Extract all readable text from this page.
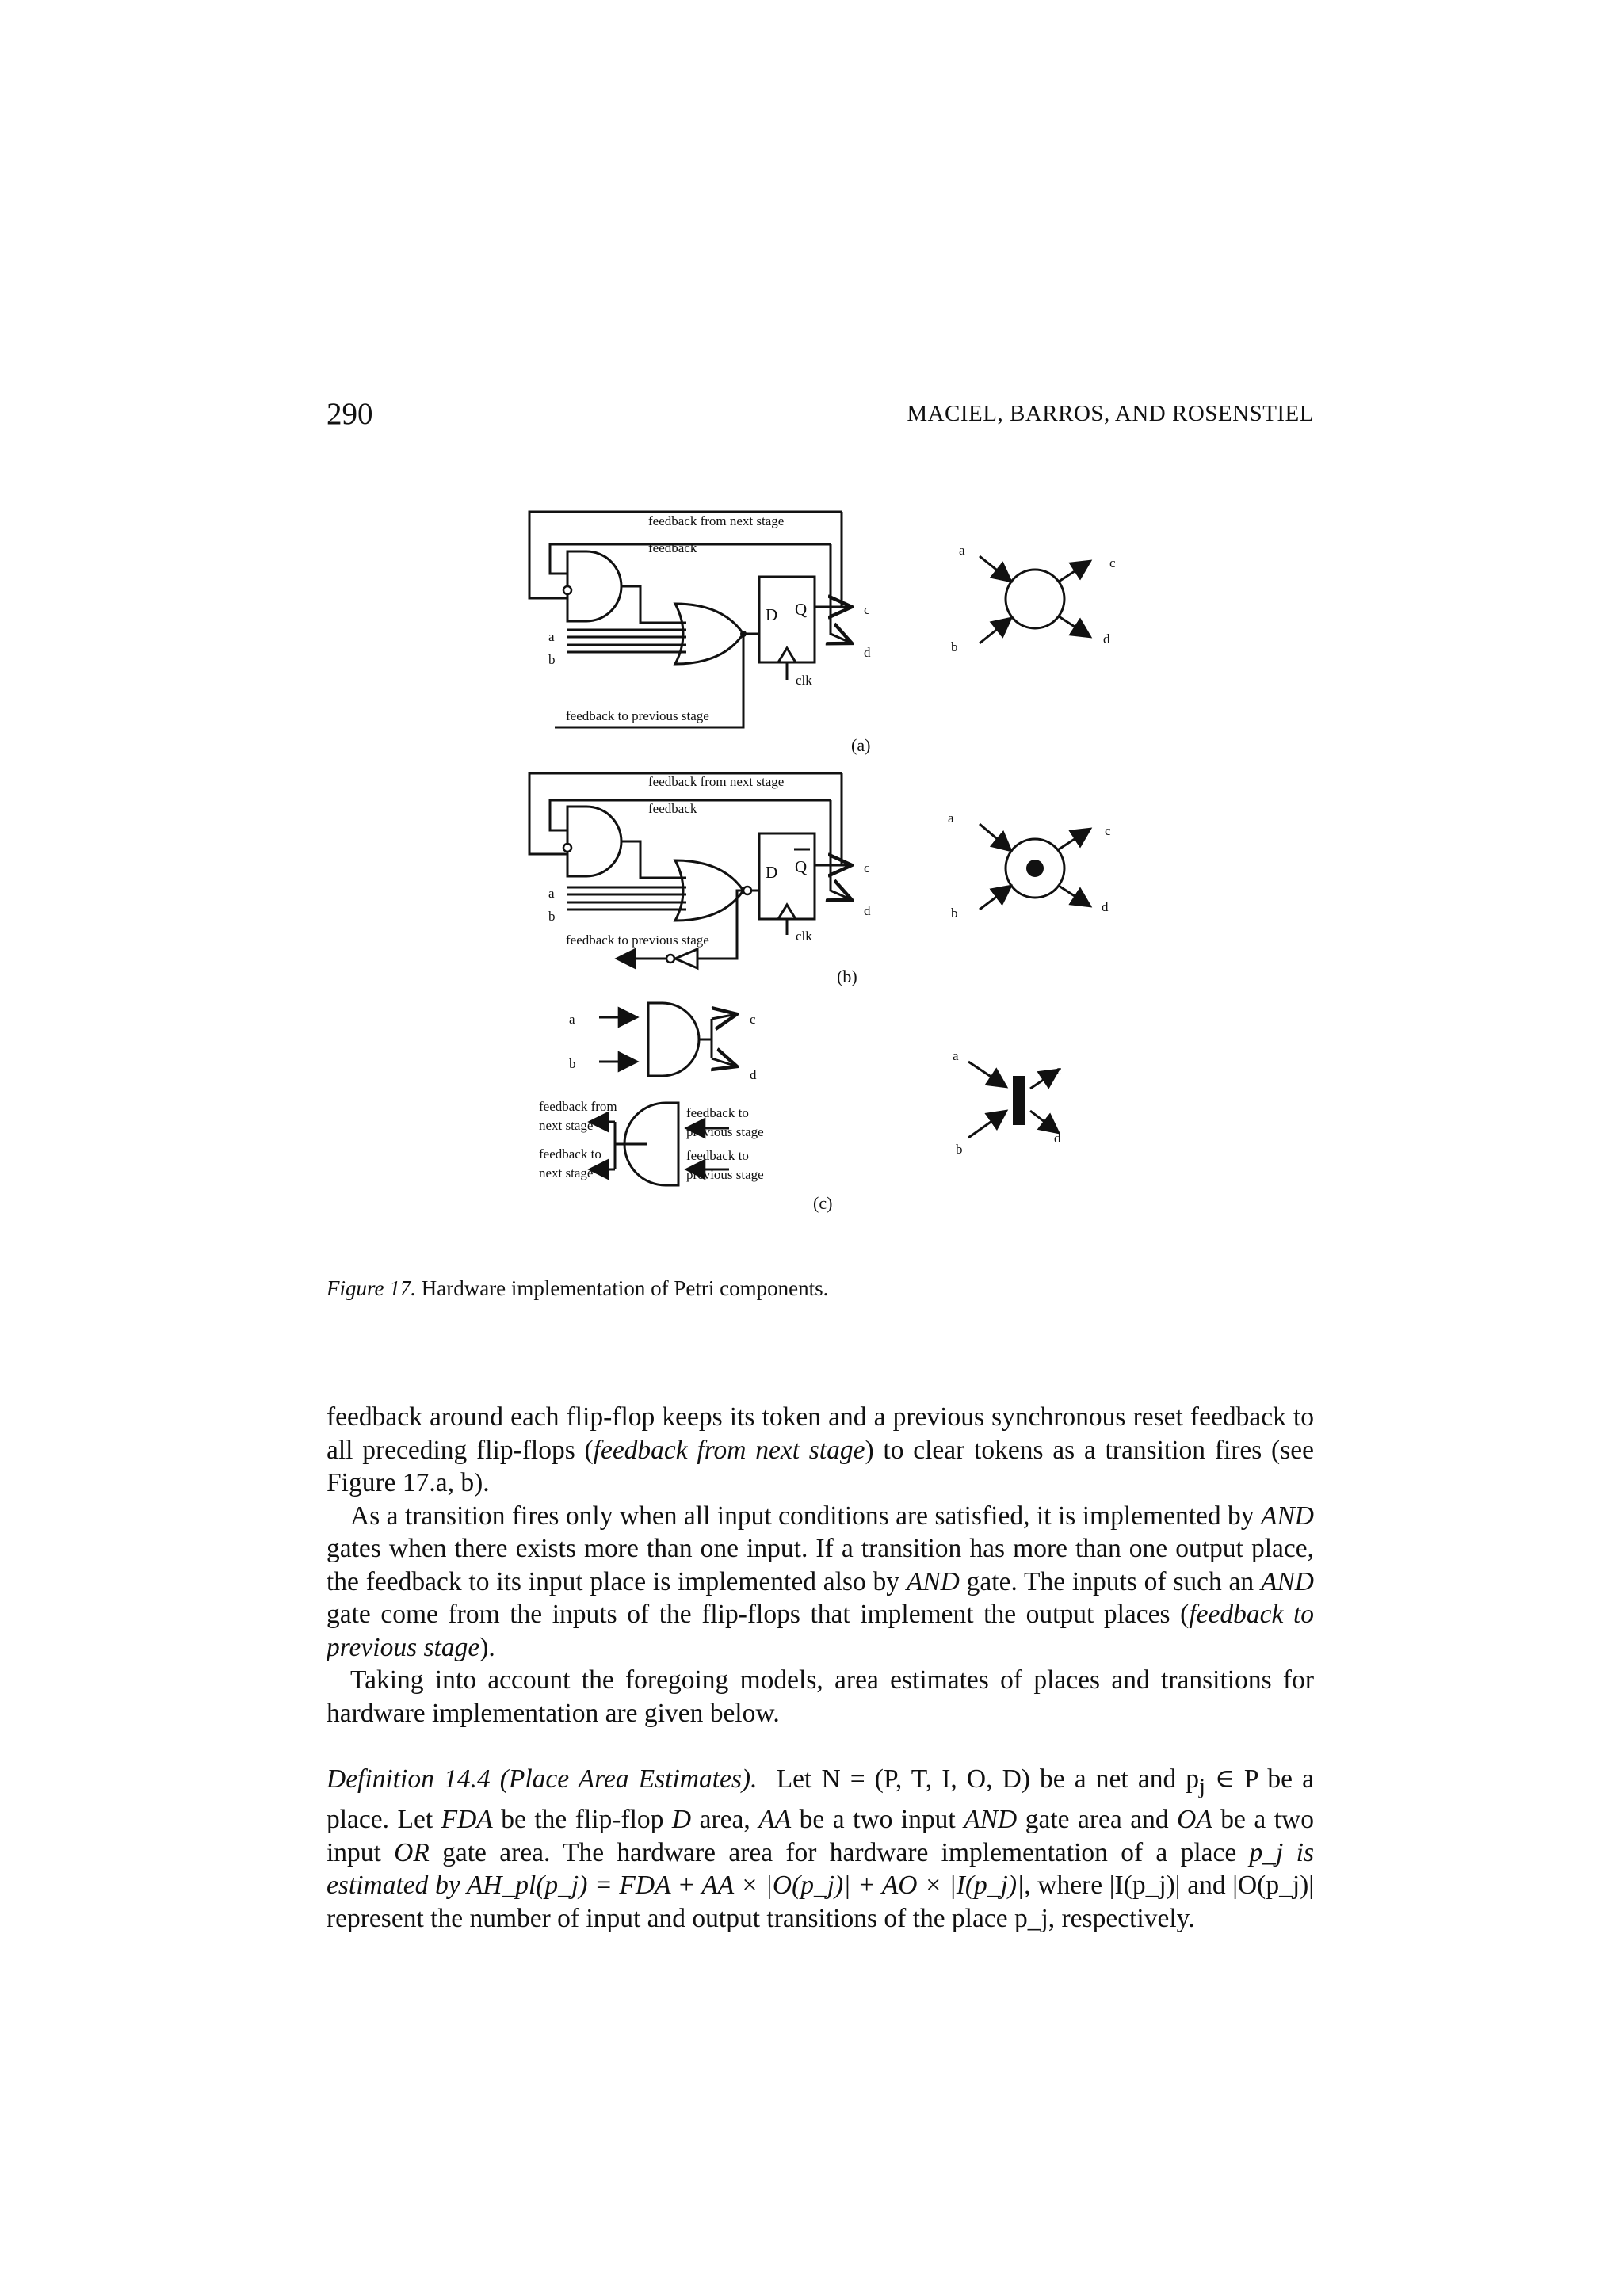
290	MACIEL, BARROS, AND ROSENSTIEL
feedback from next stage
feedback
feedback to previous stage
a
b
D Q
clk
c
d
(a)
a
b
c
d
feedback from next stage
feedback
feedback to previous stage
a
b
D Q
clk
c
d
(b)
a
b
c
d
a
b
c
d
feedback from
next stage
feedback to
next stage
feedback to
previous stage
feedback to
previous stage
(c)
a
b
c
d
Figure 17. Hardware implementation of Petri components.

feedback around each flip-flop keeps its token and a previous synchronous reset feedback to all preceding flip-flops (feedback from next stage) to clear tokens as a transition fires (see Figure 17.a, b).

As a transition fires only when all input conditions are satisfied, it is implemented by AND gates when there exists more than one input. If a transition has more than one output place, the feedback to its input place is implemented also by AND gate. The inputs of such an AND gate come from the inputs of the flip-flops that implement the output places (feedback to previous stage).

Taking into account the foregoing models, area estimates of places and transitions for hardware implementation are given below.

Definition 14.4 (Place Area Estimates). Let N = (P, T, I, O, D) be a net and $p_j$ ∈ P be a place. Let FDA be the flip-flop D area, AA be a two input AND gate area and OA be a two input OR gate area. The hardware area for hardware implementation of a place p_j is estimated by AH_pl(p_j) = FDA + AA × |O(p_j)| + AO × |I(p_j)|, where |I(p_j)| and |O(p_j)| represent the number of input and output transitions of the place p_j, respectively.
